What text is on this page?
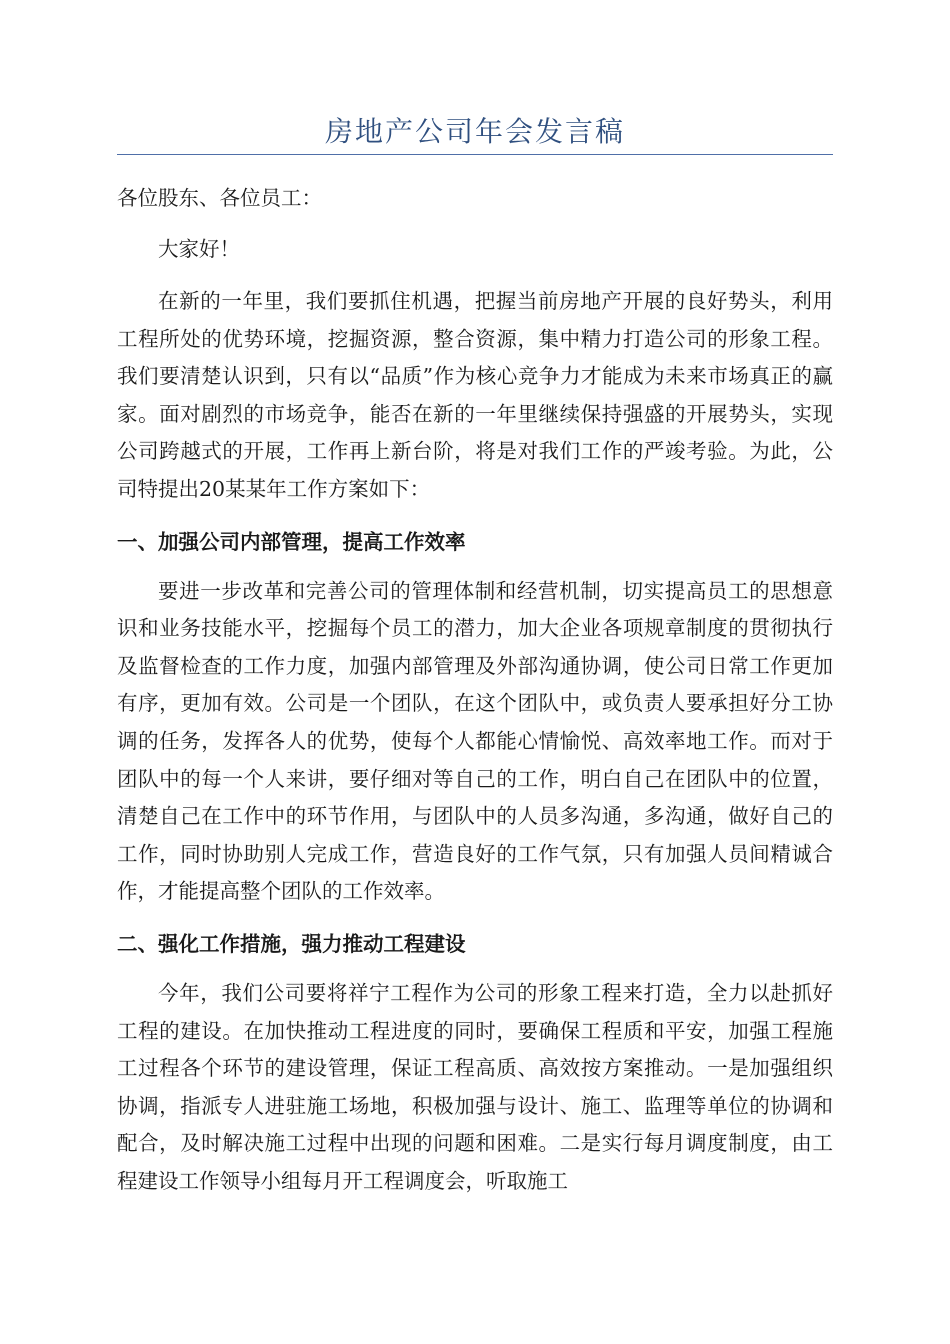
房地产公司年会发言稿
各位股东、各位员工：
大家好！

在新的一年里，我们要抓住机遇，把握当前房地产开展的良好势头，利用工程所处的优势环境，挖掘资源，整合资源，集中精力打造公司的形象工程。我们要清楚认识到，只有以“品质”作为核心竞争力才能成为未来市场真正的赢家。面对剧烈的市场竞争，能否在新的一年里继续保持强盛的开展势头，实现公司跨越式的开展，工作再上新台阶，将是对我们工作的严竣考验。为此，公司特提出20某某年工作方案如下：

一、加强公司内部管理，提高工作效率

要进一步改革和完善公司的管理体制和经营机制，切实提高员工的思想意识和业务技能水平，挖掘每个员工的潜力，加大企业各项规章制度的贯彻执行及监督检查的工作力度，加强内部管理及外部沟通协调，使公司日常工作更加有序，更加有效。公司是一个团队，在这个团队中，或负责人要承担好分工协调的任务，发挥各人的优势，使每个人都能心情愉悦、高效率地工作。而对于团队中的每一个人来讲，要仔细对等自己的工作，明白自己在团队中的位置，清楚自己在工作中的环节作用，与团队中的人员多沟通，多沟通，做好自己的工作，同时协助别人完成工作，营造良好的工作气氛，只有加强人员间精诚合作，才能提高整个团队的工作效率。

二、强化工作措施，强力推动工程建设

今年，我们公司要将祥宁工程作为公司的形象工程来打造，全力以赴抓好工程的建设。在加快推动工程进度的同时，要确保工程质和平安，加强工程施工过程各个环节的建设管理，保证工程高质、高效按方案推动。一是加强组织协调，指派专人进驻施工场地，积极加强与设计、施工、监理等单位的协调和配合，及时解决施工过程中出现的问题和困难。二是实行每月调度制度，由工程建设工作领导小组每月开工程调度会，听取施工
